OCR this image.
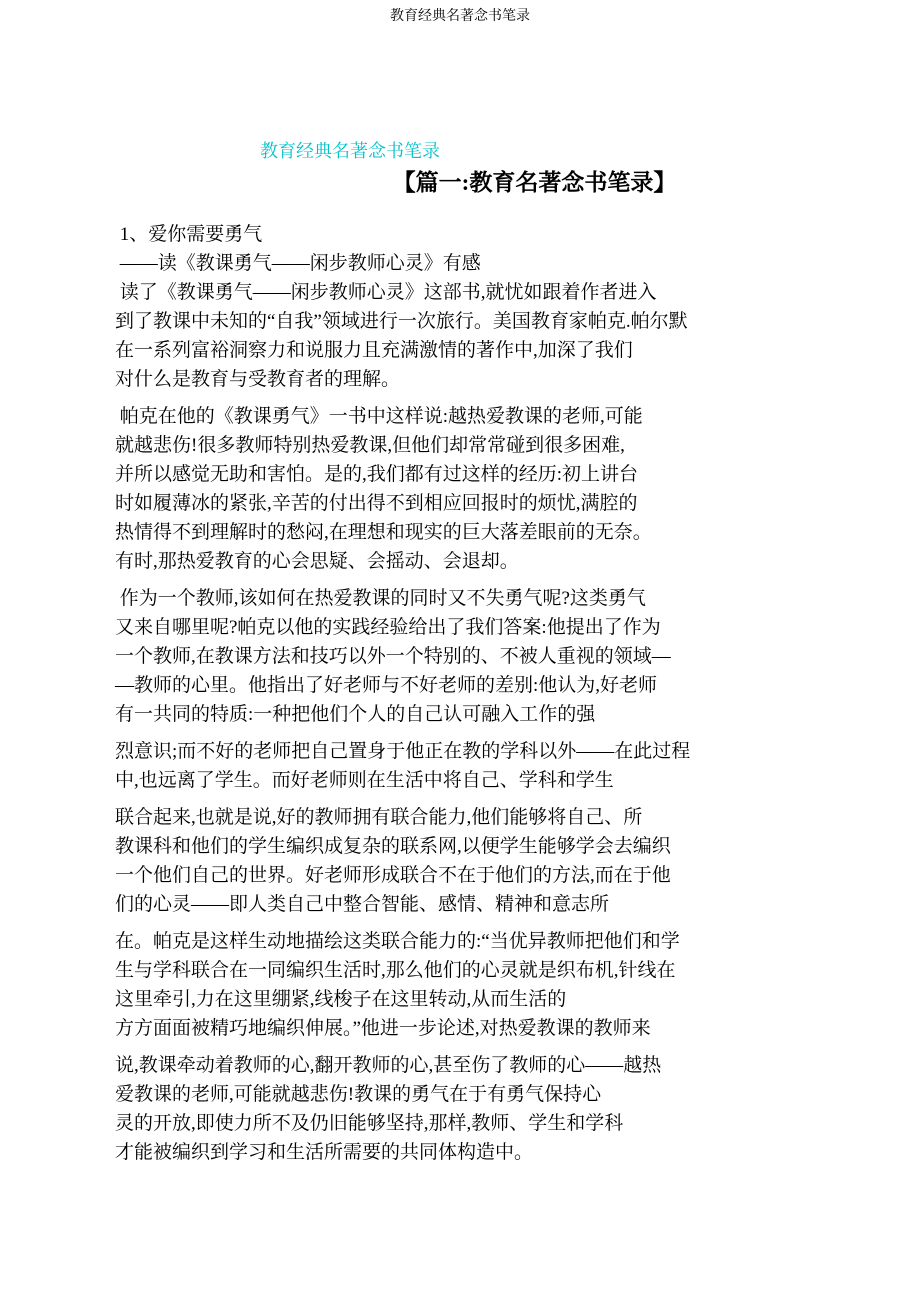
教育经典名著念书笔录
教育经典名著念书笔录
【篇一:教育名著念书笔录】

1、爱你需要勇气
——读《教课勇气——闲步教师心灵》有感
读了《教课勇气——闲步教师心灵》这部书,就忧如跟着作者进入
到了教课中未知的“自我”领域进行一次旅行。美国教育家帕克.帕尔默
在一系列富裕洞察力和说服力且充满激情的著作中,加深了我们
对什么是教育与受教育者的理解。

帕克在他的《教课勇气》一书中这样说:越热爱教课的老师,可能
就越悲伤!很多教师特别热爱教课,但他们却常常碰到很多困难,
并所以感觉无助和害怕。是的,我们都有过这样的经历:初上讲台
时如履薄冰的紧张,辛苦的付出得不到相应回报时的烦忧,满腔的
热情得不到理解时的愁闷,在理想和现实的巨大落差眼前的无奈。
有时,那热爱教育的心会思疑、会摇动、会退却。

作为一个教师,该如何在热爱教课的同时又不失勇气呢?这类勇气
又来自哪里呢?帕克以他的实践经验给出了我们答案:他提出了作为
一个教师,在教课方法和技巧以外一个特别的、不被人重视的领域—
—教师的心里。他指出了好老师与不好老师的差别:他认为,好老师
有一共同的特质:一种把他们个人的自己认可融入工作的强

烈意识;而不好的老师把自己置身于他正在教的学科以外——在此过程
中,也远离了学生。而好老师则在生活中将自己、学科和学生

联合起来,也就是说,好的教师拥有联合能力,他们能够将自己、所
教课科和他们的学生编织成复杂的联系网,以便学生能够学会去编织
一个他们自己的世界。好老师形成联合不在于他们的方法,而在于他
们的心灵——即人类自己中整合智能、感情、精神和意志所

在。帕克是这样生动地描绘这类联合能力的:“当优异教师把他们和学
生与学科联合在一同编织生活时,那么他们的心灵就是织布机,针线在
这里牵引,力在这里绷紧,线梭子在这里转动,从而生活的
方方面面被精巧地编织伸展。”他进一步论述,对热爱教课的教师来

说,教课牵动着教师的心,翻开教师的心,甚至伤了教师的心——越热
爱教课的老师,可能就越悲伤!教课的勇气在于有勇气保持心
灵的开放,即使力所不及仍旧能够坚持,那样,教师、学生和学科
才能被编织到学习和生活所需要的共同体构造中。
